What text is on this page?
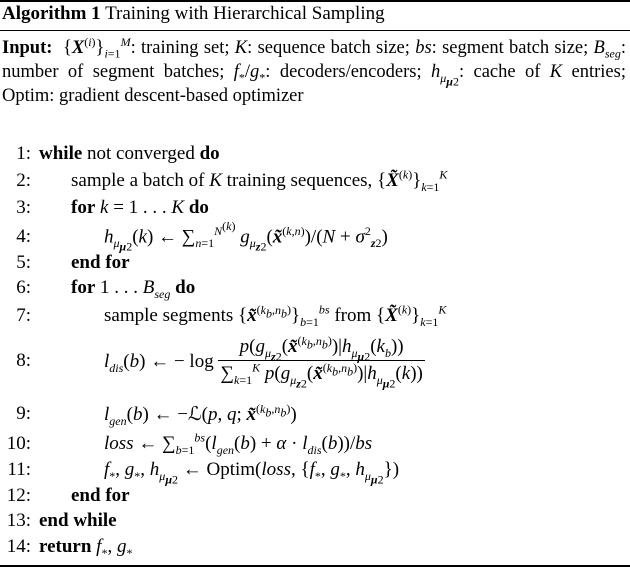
Algorithm 1 Training with Hierarchical Sampling
Input:  $\{X^{(i)}\}_{i=1}^M$: training set; K: sequence batch size; bs: segment batch size; $B_{seg}$: number of segment batches; $f_*/g_*$: decoders/encoders; $h_{\mu_{\mu 2}}$: cache of K entries; Optim: gradient descent-based optimizer
1: while not converged do
2: sample a batch of K training sequences, $\{X̃^{(k)}\}_{k=1}^K$
3: for k = 1 . . . K do
4:	$h_{\mu_{\mu 2}}(k)$ ← $\sum_{n=1}^{N^{(k)}}$ $g_{\mu_{z2}}(x̃^{(k,n)})/(N + \sigma^2_{z2})$
5: end for
6: for 1 . . . $B_{seg}$ do
7:	sample segments $\{x̃^{(k_b,n_b)}\}_{b=1}^{bs}$ from $\{X̃^{(k)}\}_{k=1}^K$
8:	$l_{dis}(b)$ ← − $\log \frac{p(g_{\mu_{z2}}(x̃^{(k_b,n_b)})|h_{\mu_{\mu 2}}(k_b))}{\sum_{k=1}^K p(g_{\mu_{z2}}(x̃^{(k_b,n_b)})|h_{\mu_{\mu 2}}(k))}$
9:	$l_{gen}(b)$ ← −ℒ(p, q; x̃$^{(k_b,n_b)}$)
10:	loss ← $\sum_{b=1}^{bs}(l_{gen}(b) + \alpha \cdot l_{dis}(b))/bs$
11:	$f_*$, $g_*$, $h_{\mu_{\mu 2}}$ ← Optim(loss, {$f_*$, $g_*$, $h_{\mu_{\mu 2}}$})
12: end for
13: end while
14: return $f_*$, $g_*$
